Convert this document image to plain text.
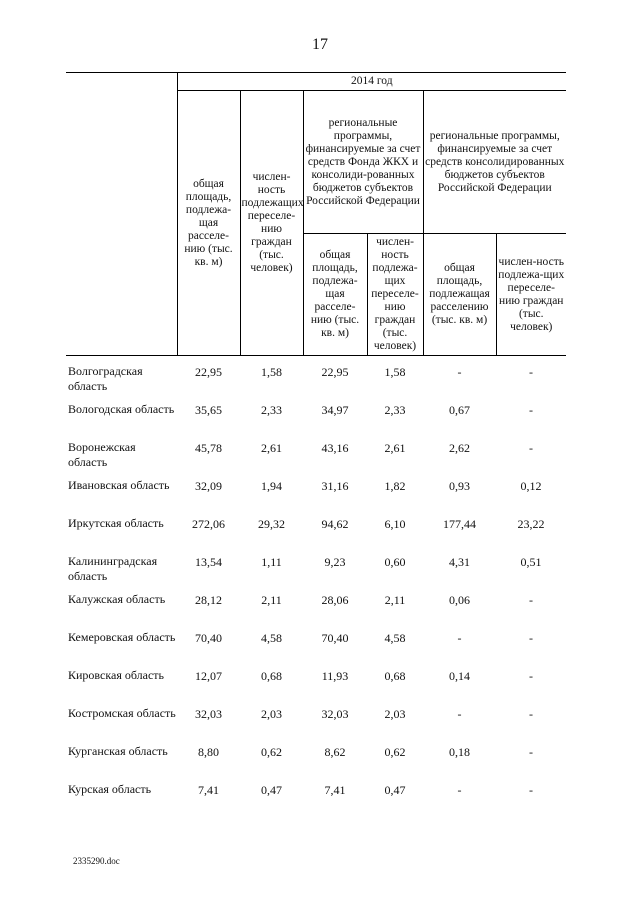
17
	2014 год					
	общая площадь, подлежа-щая расселе-нию (тыс. кв. м)	числен-ность подлежащих переселе-нию граждан (тыс. человек)	региональные программы, финансируемые за счет средств Фонда ЖКХ и консолиди-рованных бюджетов субъектов Российской Федерации		региональные программы, финансируемые за счет средств консолидированных бюджетов субъектов Российской Федерации	
			общая площадь, подлежа-щая расселе-нию (тыс. кв. м)	числен-ность подлежа-щих переселе-нию граждан (тыс. человек)		
					общая площадь, подлежащая расселению (тыс. кв. м)	числен-ность подлежа-щих переселе-нию граждан (тыс. человек)
Волгоградская область	22,95	1,58	22,95	1,58	-	-
Вологодская область	35,65	2,33	34,97	2,33	0,67	-
Воронежская область	45,78	2,61	43,16	2,61	2,62	-
Ивановская область	32,09	1,94	31,16	1,82	0,93	0,12
Иркутская область	272,06	29,32	94,62	6,10	177,44	23,22
Калининградская область	13,54	1,11	9,23	0,60	4,31	0,51
Калужская область	28,12	2,11	28,06	2,11	0,06	-
Кемеровская область	70,40	4,58	70,40	4,58	-	-
Кировская область	12,07	0,68	11,93	0,68	0,14	-
Костромская область	32,03	2,03	32,03	2,03	-	-
Курганская область	8,80	0,62	8,62	0,62	0,18	-
Курская область	7,41	0,47	7,41	0,47	-	-
2335290.doc
